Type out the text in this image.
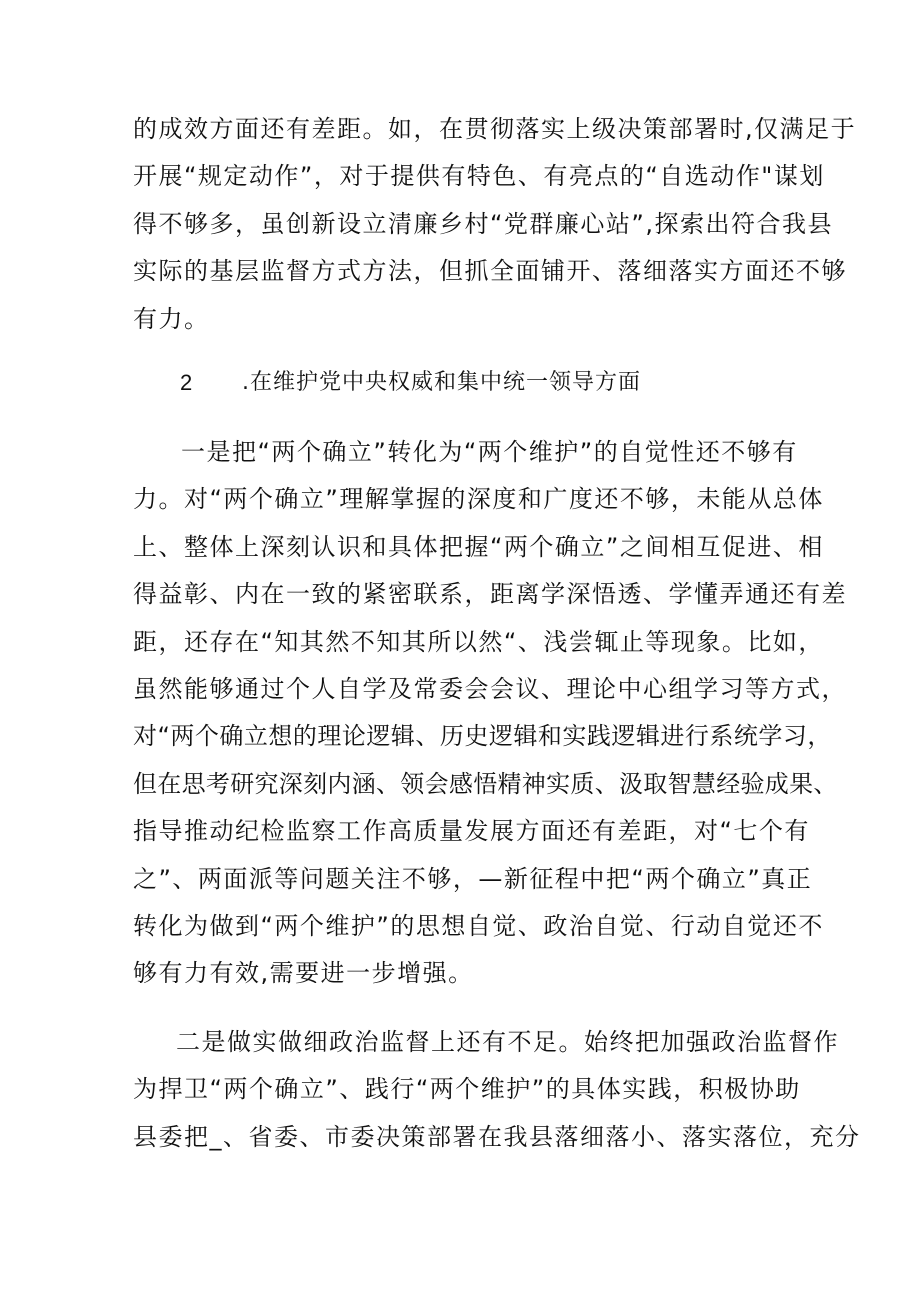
的成效方面还有差距。如，在贯彻落实上级决策部署时,仅满足于
开展“规定动作”，对于提供有特色、有亮点的“自选动作"谋划
得不够多，虽创新设立清廉乡村“党群廉心站”,探索出符合我县
实际的基层监督方式方法，但抓全面铺开、落细落实方面还不够
有力。
2 .在维护党中央权威和集中统一领导方面
一是把“两个确立”转化为“两个维护”的自觉性还不够有
力。对“两个确立”理解掌握的深度和广度还不够，未能从总体
上、整体上深刻认识和具体把握“两个确立”之间相互促进、相
得益彰、内在一致的紧密联系，距离学深悟透、学懂弄通还有差
距，还存在“知其然不知其所以然“、浅尝辄止等现象。比如，
虽然能够通过个人自学及常委会会议、理论中心组学习等方式，
对“两个确立想的理论逻辑、历史逻辑和实践逻辑进行系统学习，
但在思考研究深刻内涵、领会感悟精神实质、汲取智慧经验成果、
指导推动纪检监察工作高质量发展方面还有差距，对“七个有
之”、两面派等问题关注不够，—新征程中把“两个确立”真正
转化为做到“两个维护”的思想自觉、政治自觉、行动自觉还不
够有力有效,需要进一步增强。
二是做实做细政治监督上还有不足。始终把加强政治监督作
为捍卫“两个确立”、践行“两个维护”的具体实践，积极协助
县委把_、省委、市委决策部署在我县落细落小、落实落位，充分
